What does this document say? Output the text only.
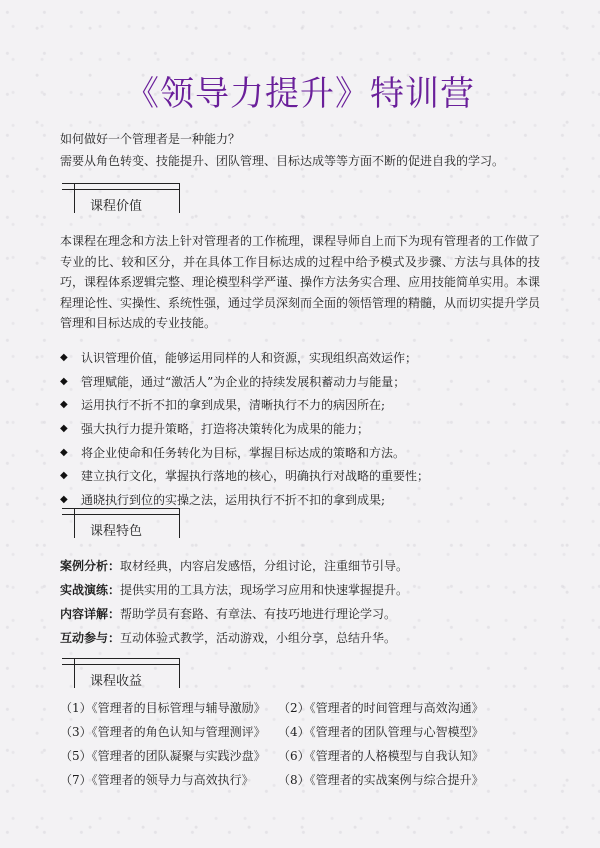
《领导力提升》特训营
如何做好一个管理者是一种能力？
需要从角色转变、技能提升、团队管理、目标达成等等方面不断的促进自我的学习。
课程价值
本课程在理念和方法上针对管理者的工作梳理，课程导师自上而下为现有管理者的工作做了专业的比、较和区分，并在具体工作目标达成的过程中给予模式及步骤、方法与具体的技巧，课程体系逻辑完整、理论模型科学严谨、操作方法务实合理、应用技能简单实用。本课程理论性、实操性、系统性强，通过学员深刻而全面的领悟管理的精髓，从而切实提升学员管理和目标达成的专业技能。
◆ 认识管理价值，能够运用同样的人和资源，实现组织高效运作；
◆ 管理赋能，通过“激活人”为企业的持续发展积蓄动力与能量；
◆ 运用执行不折不扣的拿到成果，清晰执行不力的病因所在;
◆ 强大执行力提升策略，打造将决策转化为成果的能力；
◆ 将企业使命和任务转化为目标，掌握目标达成的策略和方法。
◆ 建立执行文化，掌握执行落地的核心，明确执行对战略的重要性；
◆ 通晓执行到位的实操之法，运用执行不折不扣的拿到成果;
课程特色
案例分析：取材经典，内容启发感悟，分组讨论，注重细节引导。
实战演练：提供实用的工具方法，现场学习应用和快速掌握提升。
内容详解：帮助学员有套路、有章法、有技巧地进行理论学习。
互动参与：互动体验式教学，活动游戏，小组分享，总结升华。
课程收益
（1）《管理者的目标管理与辅导激励》 （2）《管理者的时间管理与高效沟通》
（3）《管理者的角色认知与管理测评》 （4）《管理者的团队管理与心智模型》
（5）《管理者的团队凝聚与实践沙盘》 （6）《管理者的人格模型与自我认知》
（7）《管理者的领导力与高效执行》 （8）《管理者的实战案例与综合提升》
